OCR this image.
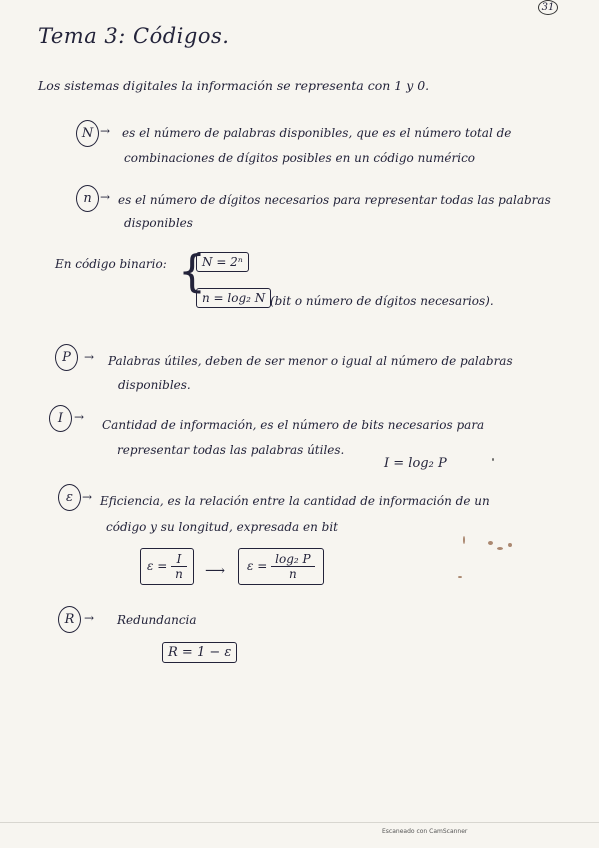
31
Tema 3: Códigos.
Los sistemas digitales la información se representa con 1 y 0.
N → es el número de palabras disponibles, que es el número total de
combinaciones de dígitos posibles en un código numérico
n → es el número de dígitos necesarios para representar todas las palabras
disponibles
En código binario: {
N = 2ⁿ
n = log₂ N (bit o número de dígitos necesarios).
P	→ Palabras útiles, deben de ser menor o igual al número de palabras
disponibles.
I →
Cantidad de información, es el número de bits necesarios para
representar todas las palabras útiles.
I = log₂ P
ε → Eficiencia, es la relación entre la cantidad de información de un
código y su longitud, expresada en bit
$\varepsilon = \frac{I}{n}$ ⟶	$\varepsilon = \frac{\text{log₂ P}}{n}$
R → Redundancia
R = 1 − ε
Escaneado con CamScanner
